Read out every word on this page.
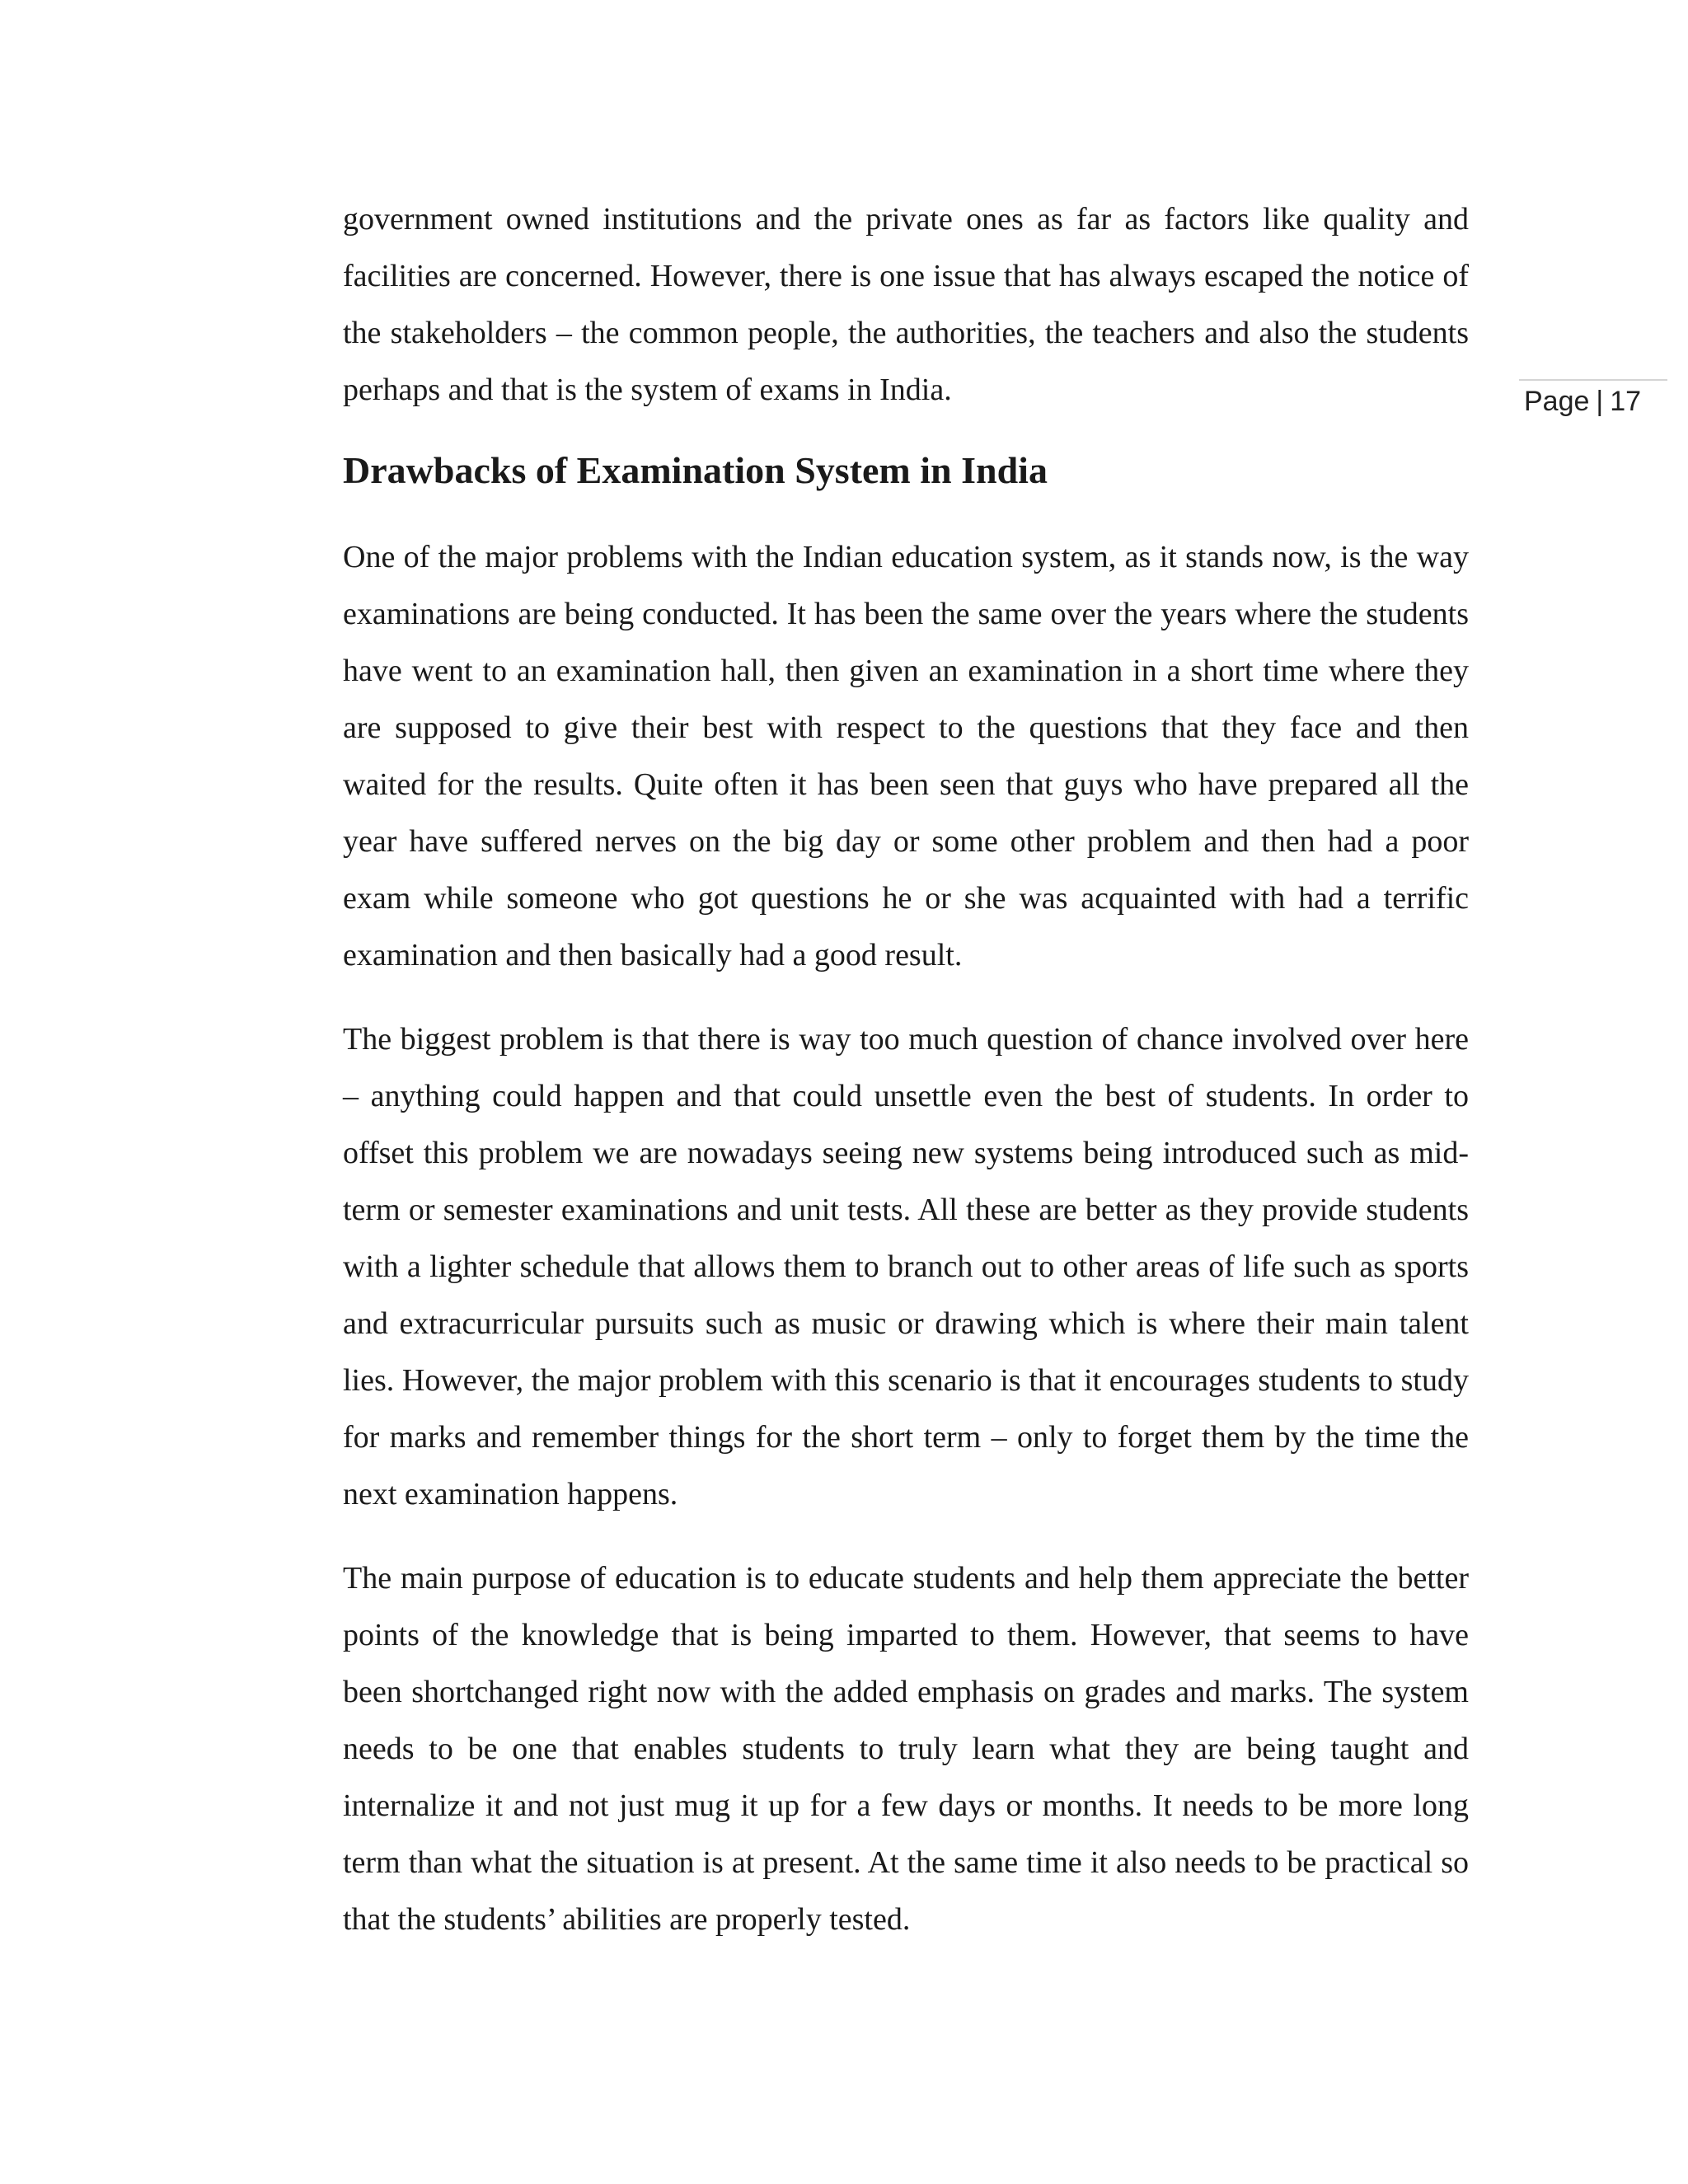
government owned institutions and the private ones as far as factors like quality and facilities are concerned. However, there is one issue that has always escaped the notice of the stakeholders – the common people, the authorities, the teachers and also the students perhaps and that is the system of exams in India.

Drawbacks of Examination System in India

One of the major problems with the Indian education system, as it stands now, is the way examinations are being conducted. It has been the same over the years where the students have went to an examination hall, then given an examination in a short time where they are supposed to give their best with respect to the questions that they face and then waited for the results. Quite often it has been seen that guys who have prepared all the year have suffered nerves on the big day or some other problem and then had a poor exam while someone who got questions he or she was acquainted with had a terrific examination and then basically had a good result.

The biggest problem is that there is way too much question of chance involved over here – anything could happen and that could unsettle even the best of students. In order to offset this problem we are nowadays seeing new systems being introduced such as mid-term or semester examinations and unit tests. All these are better as they provide students with a lighter schedule that allows them to branch out to other areas of life such as sports and extracurricular pursuits such as music or drawing which is where their main talent lies. However, the major problem with this scenario is that it encourages students to study for marks and remember things for the short term – only to forget them by the time the next examination happens.

The main purpose of education is to educate students and help them appreciate the better points of the knowledge that is being imparted to them. However, that seems to have been shortchanged right now with the added emphasis on grades and marks. The system needs to be one that enables students to truly learn what they are being taught and internalize it and not just mug it up for a few days or months. It needs to be more long term than what the situation is at present. At the same time it also needs to be practical so that the students’ abilities are properly tested.

Page | 17
